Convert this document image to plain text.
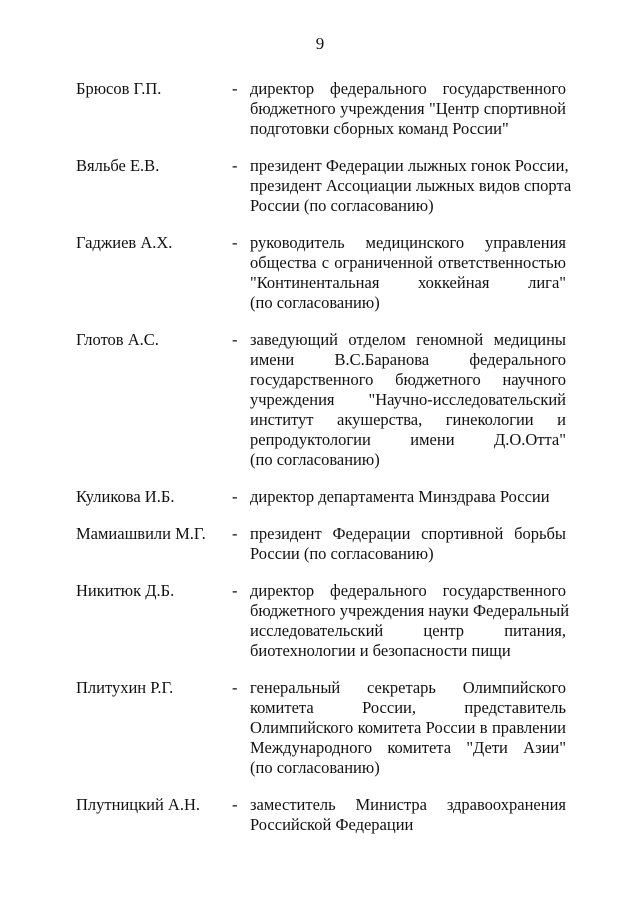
9
Брюсов Г.П.	- директор федерального государственного
бюджетного учреждения "Центр спортивной
подготовки сборных команд России"
Вяльбе Е.В.	- президент Федерации лыжных гонок России,
президент Ассоциации лыжных видов спорта
России (по согласованию)
Гаджиев А.Х.	- руководитель медицинского управления
общества с ограниченной ответственностью
"Континентальная хоккейная лига"
(по согласованию)
Глотов А.С.	- заведующий отделом геномной медицины
имени В.С.Баранова федерального
государственного бюджетного научного
учреждения "Научно-исследовательский
институт акушерства, гинекологии и
репродуктологии имени Д.О.Отта"
(по согласованию)
Куликова И.Б.	- директор департамента Минздрава России
Мамиашвили М.Г. - президент Федерации спортивной борьбы
России (по согласованию)
Никитюк Д.Б.	- директор федерального государственного
бюджетного учреждения науки Федеральный
исследовательский центр питания,
биотехнологии и безопасности пищи
Плитухин Р.Г.	- генеральный секретарь Олимпийского
комитета России, представитель
Олимпийского комитета России в правлении
Международного комитета "Дети Азии"
(по согласованию)
Плутницкий А.Н. - заместитель Министра здравоохранения
Российской Федерации
